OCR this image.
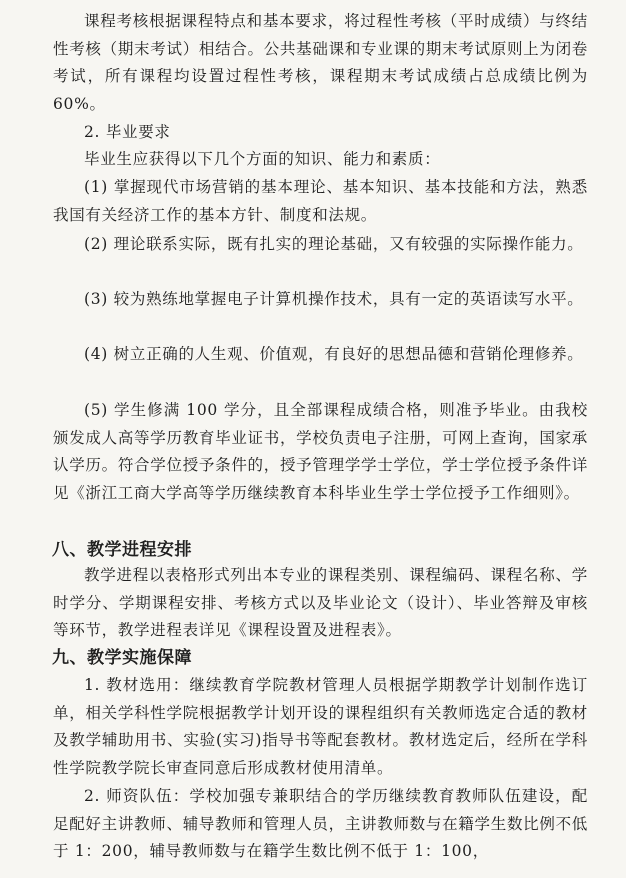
课程考核根据课程特点和基本要求，将过程性考核（平时成绩）与终结性考核（期末考试）相结合。公共基础课和专业课的期末考试原则上为闭卷考试，所有课程均设置过程性考核，课程期末考试成绩占总成绩比例为60%。

2. 毕业要求

毕业生应获得以下几个方面的知识、能力和素质：

(1) 掌握现代市场营销的基本理论、基本知识、基本技能和方法，熟悉我国有关经济工作的基本方针、制度和法规。

(2) 理论联系实际，既有扎实的理论基础，又有较强的实际操作能力。

(3) 较为熟练地掌握电子计算机操作技术，具有一定的英语读写水平。

(4) 树立正确的人生观、价值观，有良好的思想品德和营销伦理修养。

(5) 学生修满 100 学分，且全部课程成绩合格，则准予毕业。由我校颁发成人高等学历教育毕业证书，学校负责电子注册，可网上查询，国家承认学历。符合学位授予条件的，授予管理学学士学位，学士学位授予条件详见《浙江工商大学高等学历继续教育本科毕业生学士学位授予工作细则》。

八、教学进程安排

教学进程以表格形式列出本专业的课程类别、课程编码、课程名称、学时学分、学期课程安排、考核方式以及毕业论文（设计）、毕业答辩及审核等环节，教学进程表详见《课程设置及进程表》。

九、教学实施保障

1. 教材选用：继续教育学院教材管理人员根据学期教学计划制作选订单，相关学科性学院根据教学计划开设的课程组织有关教师选定合适的教材及教学辅助用书、实验(实习)指导书等配套教材。教材选定后，经所在学科性学院教学院长审查同意后形成教材使用清单。

2. 师资队伍：学校加强专兼职结合的学历继续教育教师队伍建设，配足配好主讲教师、辅导教师和管理人员，主讲教师数与在籍学生数比例不低于 1：200，辅导教师数与在籍学生数比例不低于 1：100，
